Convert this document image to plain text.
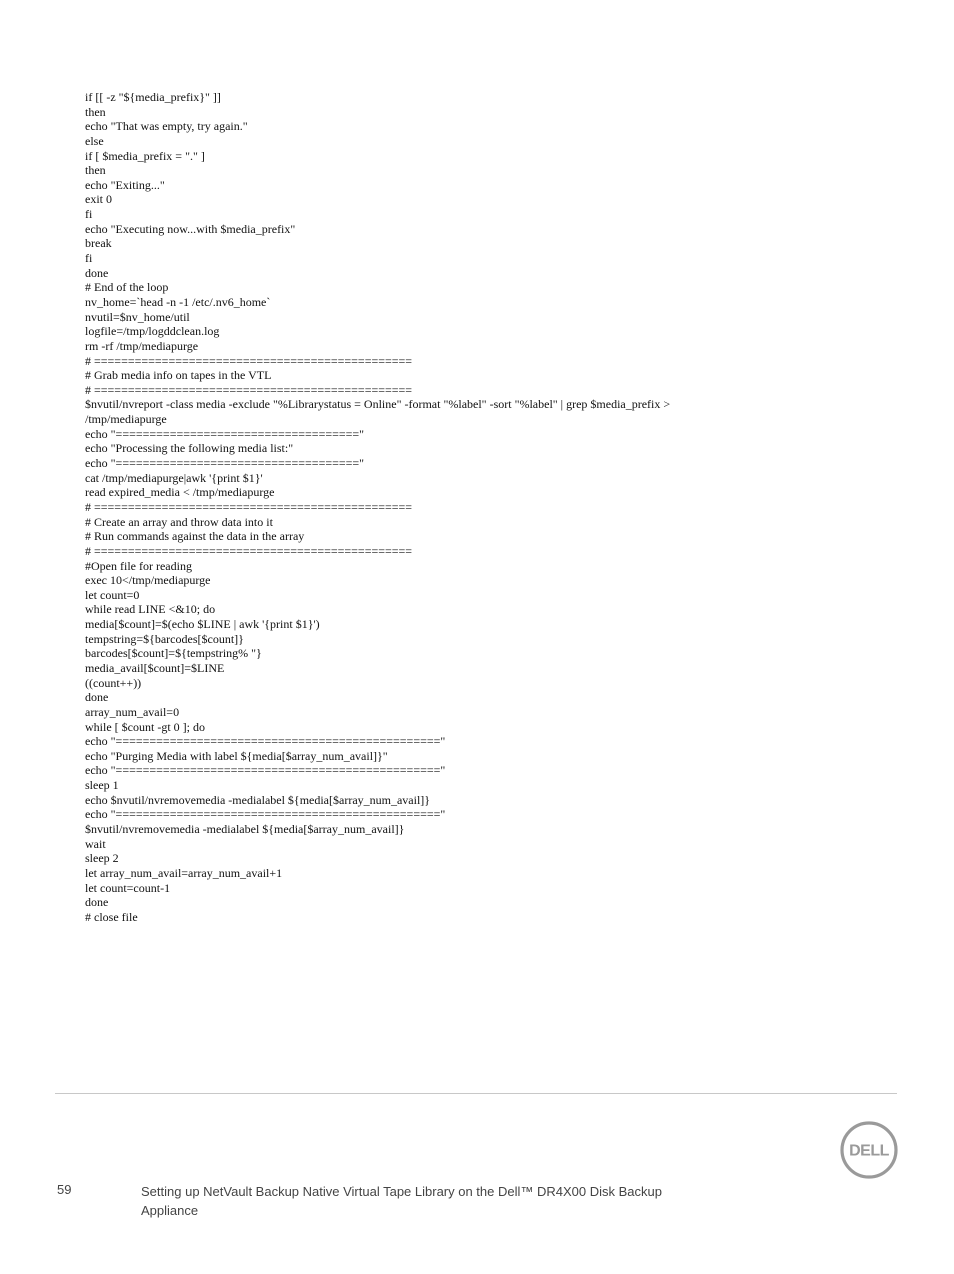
if [[ -z "${media_prefix}" ]]
then
echo "That was empty, try again."
else
if [ $media_prefix = "." ]
then
echo "Exiting..."
exit 0
fi
echo "Executing now...with $media_prefix"
break
fi
done
# End of the loop
nv_home=`head -n -1 /etc/.nv6_home`
nvutil=$nv_home/util
logfile=/tmp/logddclean.log
rm -rf /tmp/mediapurge
# ===============================================
# Grab media info on tapes in the VTL
# ===============================================
$nvutil/nvreport -class media -exclude "%Librarystatus = Online" -format "%label" -sort "%label" | grep $media_prefix >
/tmp/mediapurge
echo "===================================="
echo "Processing the following media list:"
echo "===================================="
cat /tmp/mediapurge|awk '{print $1}'
read expired_media < /tmp/mediapurge
# ===============================================
# Create an array and throw data into it
# Run commands against the data in the array
# ===============================================
#Open file for reading
exec 10</tmp/mediapurge
let count=0
while read LINE <&10; do
media[$count]=$(echo $LINE | awk '{print $1}')
tempstring=${barcodes[$count]}
barcodes[$count]=${tempstring% "}
media_avail[$count]=$LINE
((count++))
done
array_num_avail=0
while [ $count -gt 0 ]; do
echo "================================================"
echo "Purging Media with label ${media[$array_num_avail]}"
echo "================================================"
sleep 1
echo $nvutil/nvremovemedia -medialabel ${media[$array_num_avail]}
echo "================================================"
$nvutil/nvremovemedia -medialabel ${media[$array_num_avail]}
wait
sleep 2
let array_num_avail=array_num_avail+1
let count=count-1
done
# close file
DELL
59	Setting up NetVault Backup Native Virtual Tape Library on the Dell™ DR4X00 Disk Backup Appliance
